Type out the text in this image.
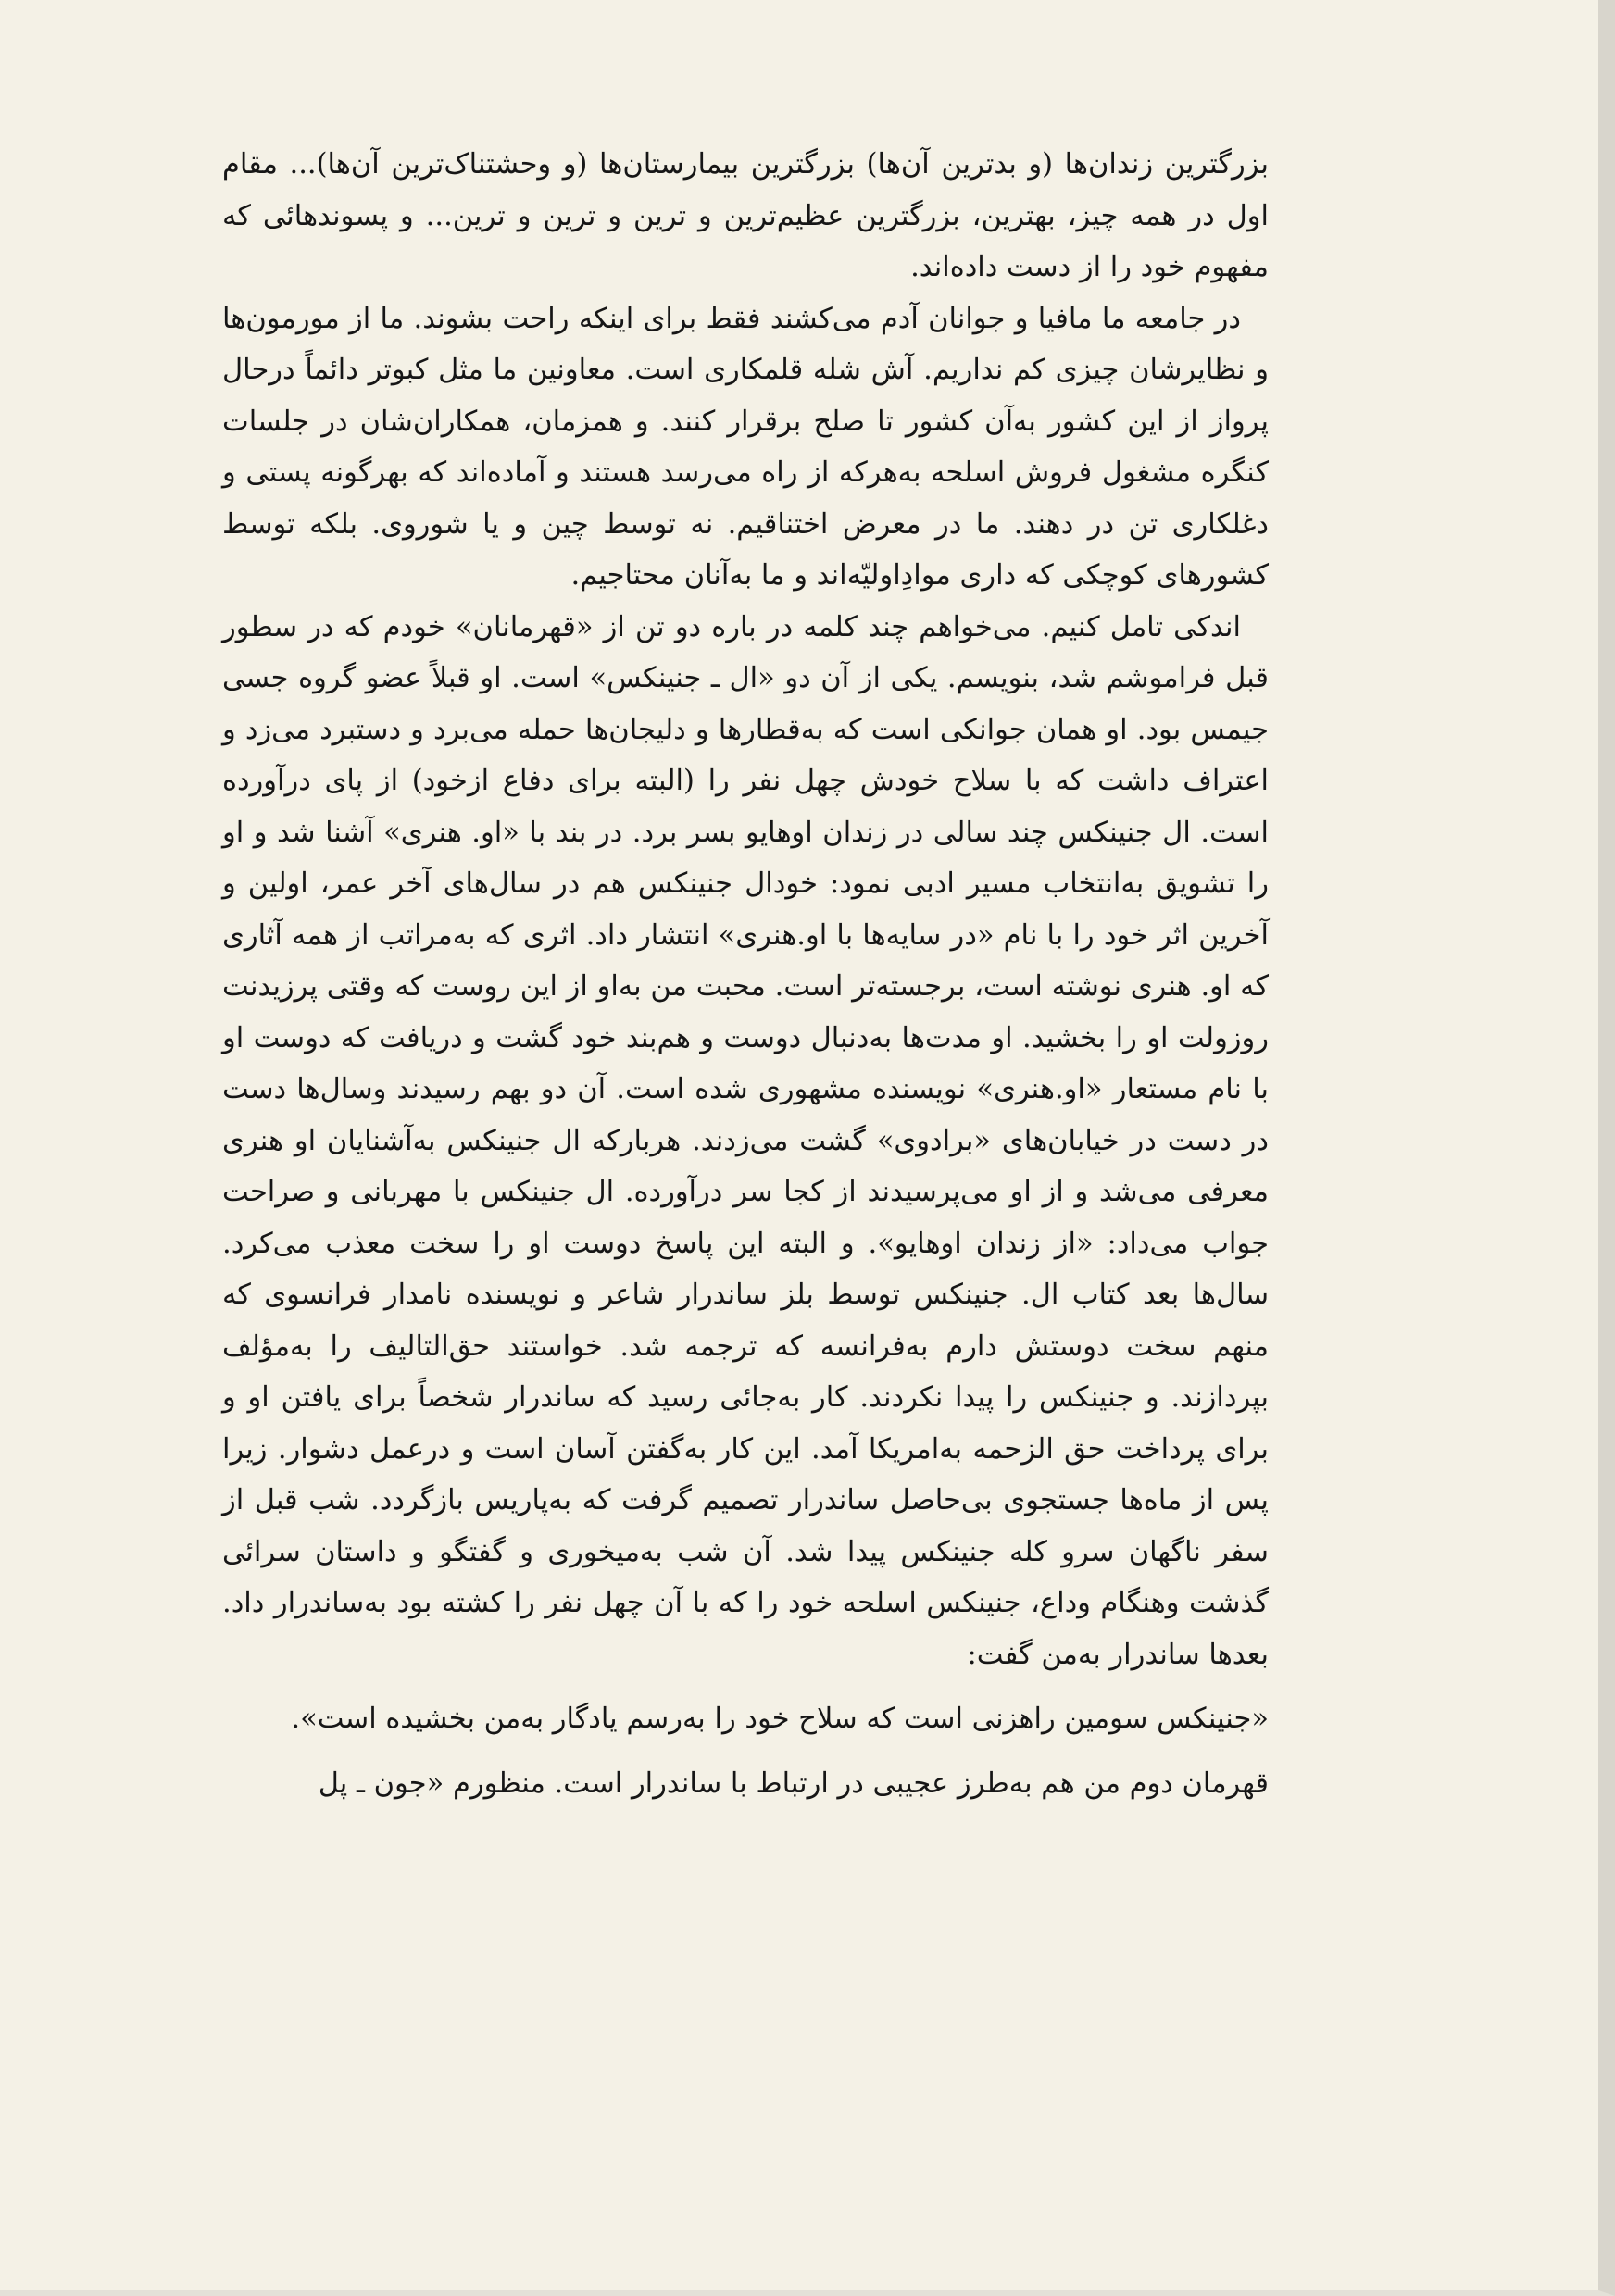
بزرگترین زندان‌ها (و بدترین آن‌ها) بزرگترین بیمارستان‌ها (و وحشتناک‌ترین آن‌ها)... مقام اول در همه چیز، بهترین، بزرگترین عظیم‌ترین و ترین و ترین و ترین... و پسوندهائی که مفهوم خود را از دست داده‌اند.

در جامعه ما مافیا و جوانان آدم می‌کشند فقط برای اینکه راحت بشوند. ما از مورمون‌ها و نظایرشان چیزی کم نداریم. آش شله قلمکاری است. معاونین ما مثل کبوتر دائماً درحال پرواز از این کشور به‌آن کشور تا صلح برقرار کنند. و همزمان، همکاران‌شان در جلسات کنگره مشغول فروش اسلحه به‌هرکه از راه می‌رسد هستند و آماده‌اند که بهرگونه پستی و دغلکاری تن در دهند. ما در معرض اختناقیم. نه توسط چین و یا شوروی. بلکه توسط کشورهای کوچکی که داری موادِاولیّه‌اند و ما به‌آنان محتاجیم.

اندکی تامل کنیم. می‌خواهم چند کلمه در باره دو تن از «قهرمانان» خودم که در سطور قبل فراموشم شد، بنویسم. یکی از آن دو «ال ـ جنینکس» است. او قبلاً عضو گروه جسی جیمس بود. او همان جوانکی است که به‌قطارها و دلیجان‌ها حمله می‌برد و دستبرد می‌زد و اعتراف داشت که با سلاح خودش چهل نفر را (البته برای دفاع ازخود) از پای درآورده است. ال جنینکس چند سالی در زندان اوهایو بسر برد. در بند با «او. هنری» آشنا شد و او را تشویق به‌انتخاب مسیر ادبی نمود: خودال جنینکس هم در سال‌های آخر عمر، اولین و آخرین اثر خود را با نام «در سایه‌ها با او.هنری» انتشار داد. اثری که به‌مراتب از همه آثاری که او. هنری نوشته است، برجسته‌تر است. محبت من به‌او از این روست که وقتی پرزیدنت روزولت او را بخشید. او مدت‌ها به‌دنبال دوست و هم‌بند خود گشت و دریافت که دوست او با نام مستعار «او.هنری» نویسنده مشهوری شده است. آن دو بهم رسیدند وسال‌ها دست در دست در خیابان‌های «برادوی» گشت می‌زدند. هرباركه ال جنینكس به‌آشنایان او هنری معرفی می‌شد و از او می‌پرسیدند از کجا سر درآورده. ال جنینکس با مهربانی و صراحت جواب می‌داد: «از زندان اوهایو». و البته این پاسخ دوست او را سخت معذب می‌کرد. سال‌ها بعد کتاب ال. جنینکس توسط بلز ساندرار شاعر و نویسنده نامدار فرانسوی که منهم سخت دوستش دارم به‌فرانسه که ترجمه شد. خواستند حق‌التالیف را به‌مؤلف بپردازند. و جنینکس را پیدا نکردند. کار به‌جائی رسید که ساندرار شخصاً برای یافتن او و برای پرداخت حق الزحمه به‌امریکا آمد. این کار به‌گفتن آسان است و درعمل دشوار. زیرا پس از ماه‌ها جستجوی بی‌حاصل ساندرار تصمیم گرفت که به‌پاریس بازگردد. شب قبل از سفر ناگهان سرو کله جنینکس پیدا شد. آن شب به‌میخوری و گفتگو و داستان سرائی گذشت وهنگام وداع، جنینکس اسلحه خود را که با آن چهل نفر را کشته بود به‌ساندرار داد. بعدها ساندرار به‌من گفت:

«جنینکس سومین راهزنی است که سلاح خود را به‌رسم یادگار به‌من بخشیده است».

قهرمان دوم من هم به‌طرز عجیبی در ارتباط با ساندرار است. منظورم «جون ـ پل
